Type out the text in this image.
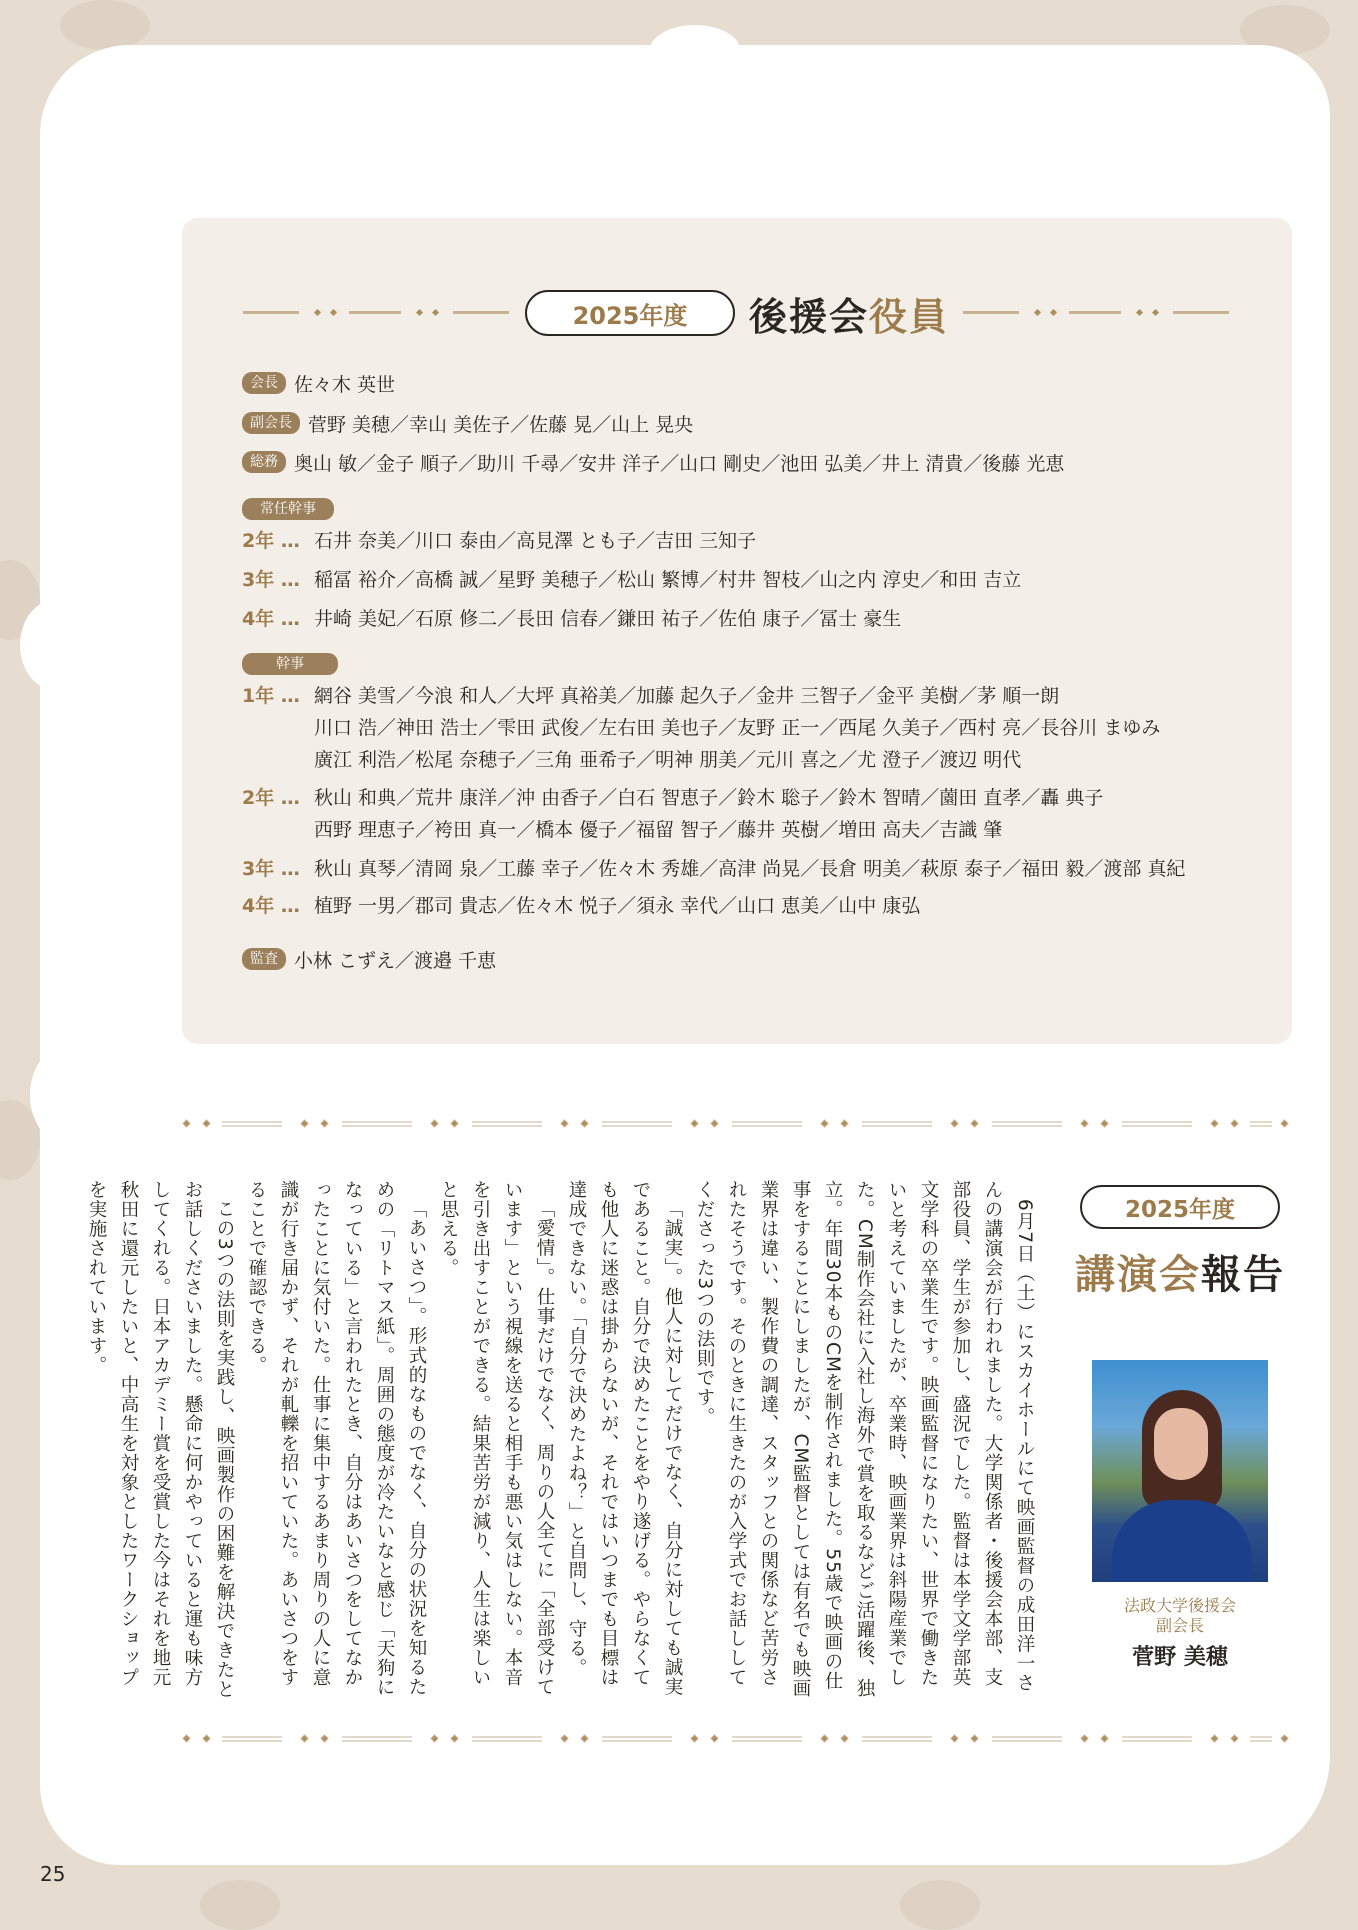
2025年度	後援会役員
会長 佐々木 英世
副会長 菅野 美穂／幸山 美佐子／佐藤 晃／山上 晃央
総務 奥山 敏／金子 順子／助川 千尋／安井 洋子／山口 剛史／池田 弘美／井上 清貴／後藤 光恵
常任幹事
2年 … 石井 奈美／川口 泰由／高見澤 とも子／吉田 三知子
3年 … 稲冨 裕介／高橋 誠／星野 美穂子／松山 繁博／村井 智枝／山之内 淳史／和田 吉立
4年 … 井崎 美妃／石原 修二／長田 信春／鎌田 祐子／佐伯 康子／冨士 豪生
幹事
1年 … 網谷 美雪／今浪 和人／大坪 真裕美／加藤 起久子／金井 三智子／金平 美樹／茅 順一朗
川口 浩／神田 浩士／雫田 武俊／左右田 美也子／友野 正一／西尾 久美子／西村 亮／長谷川 まゆみ
廣江 利浩／松尾 奈穂子／三角 亜希子／明神 朋美／元川 喜之／尤 澄子／渡辺 明代
2年 … 秋山 和典／荒井 康洋／沖 由香子／白石 智恵子／鈴木 聡子／鈴木 智晴／薗田 直孝／轟 典子
西野 理恵子／袴田 真一／橋本 優子／福留 智子／藤井 英樹／増田 高夫／吉識 肇
3年 … 秋山 真琴／清岡 泉／工藤 幸子／佐々木 秀雄／高津 尚晃／長倉 明美／萩原 泰子／福田 毅／渡部 真紀
4年 … 植野 一男／郡司 貴志／佐々木 悦子／須永 幸代／山口 恵美／山中 康弘
監査 小林 こずえ／渡邉 千恵
2025年度
講演会報告
法政大学後援会
副会長
菅野 美穂

6月7日（土）にスカイホールにて映画監督の成田洋一さんの講演会が行われました。大学関係者・後援会本部、支部役員、学生が参加し、盛況でした。監督は本学文学部英文学科の卒業生です。映画監督になりたい、世界で働きたいと考えていましたが、卒業時、映画業界は斜陽産業でした。CM制作会社に入社し海外で賞を取るなどご活躍後、独立。年間30本ものCMを制作されました。55歳で映画の仕事をすることにしましたが、CM監督としては有名でも映画業界は違い、製作費の調達、スタッフとの関係など苦労されたそうです。そのときに生きたのが入学式でお話ししてくださった3つの法則です。

「誠実」。他人に対してだけでなく、自分に対しても誠実であること。自分で決めたことをやり遂げる。やらなくても他人に迷惑は掛からないが、それではいつまでも目標は達成できない。「自分で決めたよね？」と自問し、守る。

「愛情」。仕事だけでなく、周りの人全てに「全部受けています」という視線を送ると相手も悪い気はしない。本音を引き出すことができる。結果苦労が減り、人生は楽しいと思える。

「あいさつ」。形式的なものでなく、自分の状況を知るための「リトマス紙」。周囲の態度が冷たいなと感じ「天狗になっている」と言われたとき、自分はあいさつをしてなかったことに気付いた。仕事に集中するあまり周りの人に意識が行き届かず、それが軋轢を招いていた。あいさつをすることで確認できる。

この3つの法則を実践し、映画製作の困難を解決できたとお話しくださいました。懸命に何かやっていると運も味方してくれる。日本アカデミー賞を受賞した今はそれを地元秋田に還元したいと、中高生を対象としたワークショップを実施されています。

25
